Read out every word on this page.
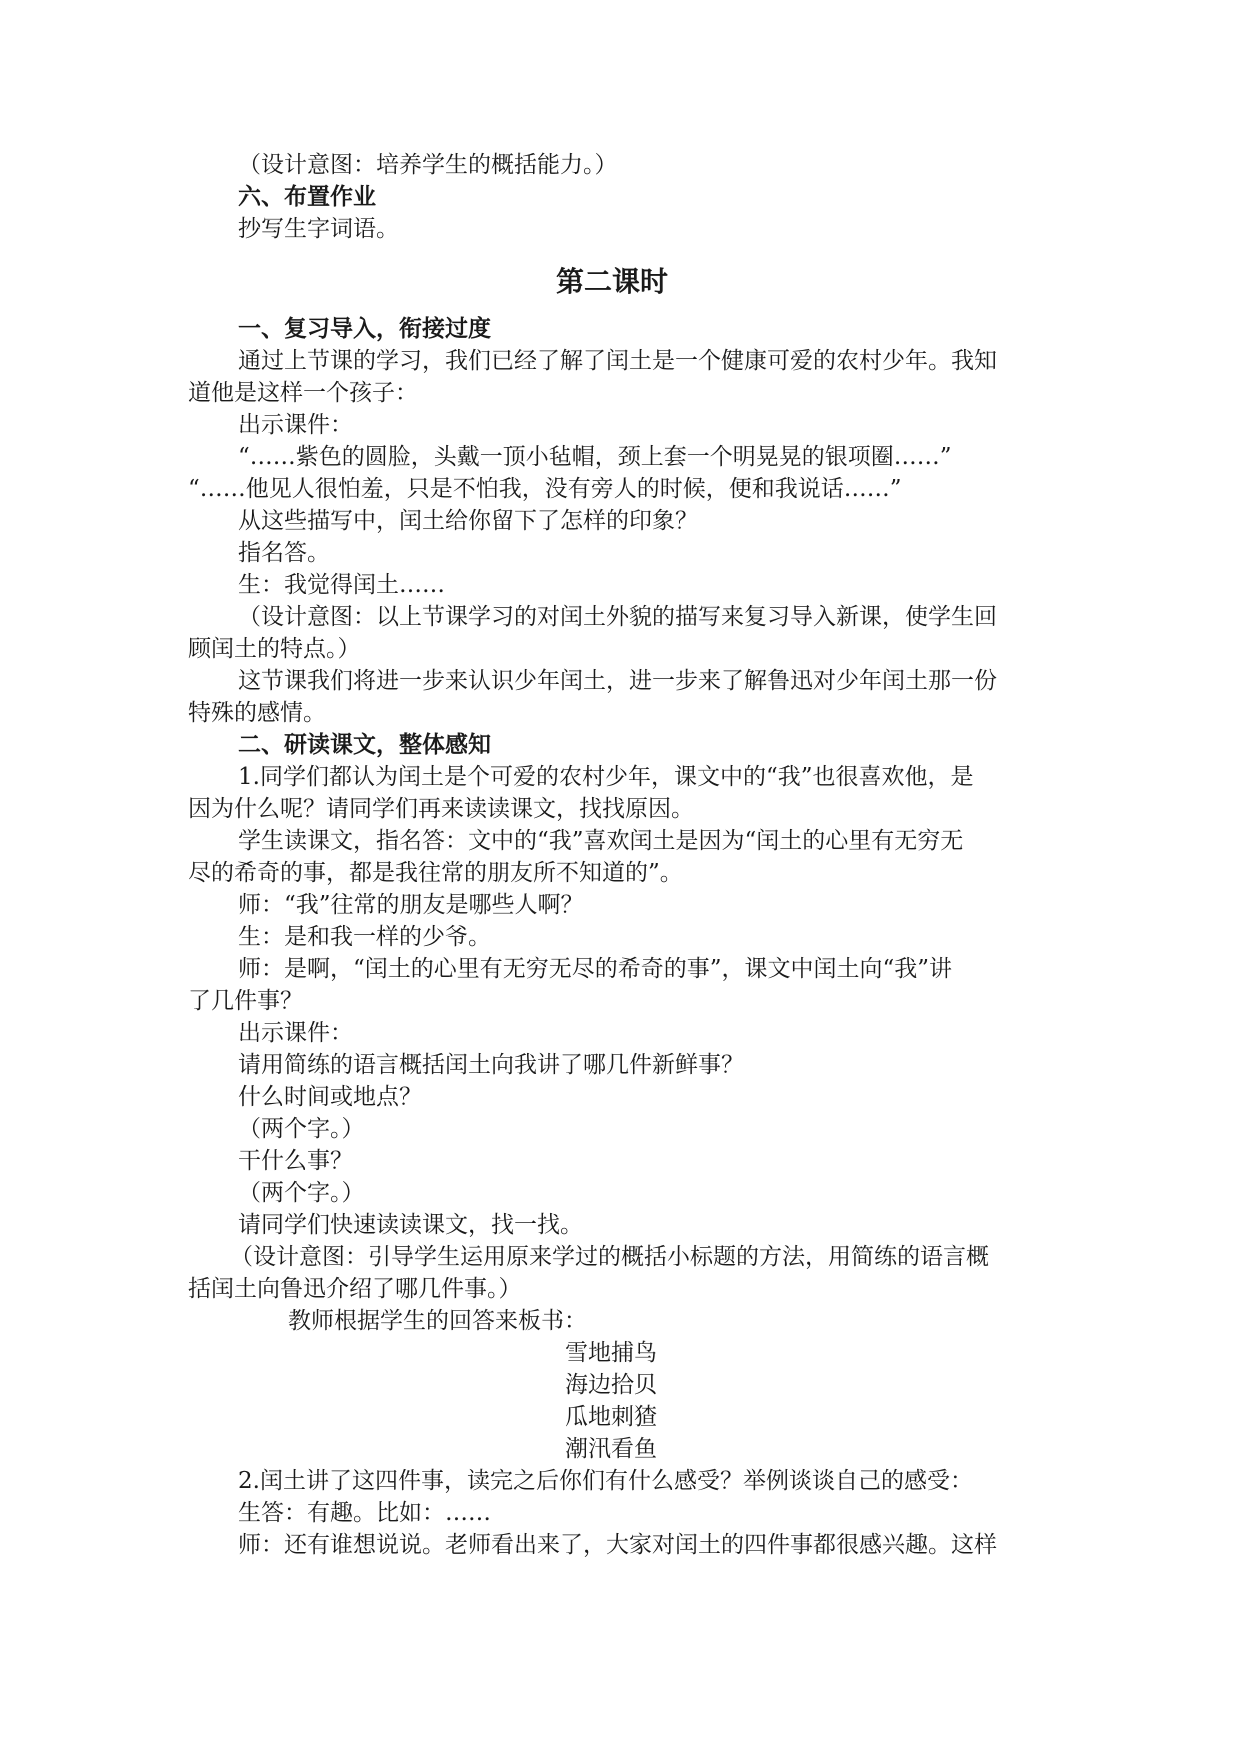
（设计意图：培养学生的概括能力。）
六、布置作业
抄写生字词语。
第二课时
一、复习导入，衔接过度
通过上节课的学习，我们已经了解了闰土是一个健康可爱的农村少年。我知
道他是这样一个孩子：
出示课件：
“……紫色的圆脸，头戴一顶小毡帽，颈上套一个明晃晃的银项圈……”
“……他见人很怕羞，只是不怕我，没有旁人的时候，便和我说话……”
从这些描写中，闰土给你留下了怎样的印象？
指名答。
生：我觉得闰土……
（设计意图：以上节课学习的对闰土外貌的描写来复习导入新课，使学生回
顾闰土的特点。）
这节课我们将进一步来认识少年闰土，进一步来了解鲁迅对少年闰土那一份
特殊的感情。
二、研读课文，整体感知
1.同学们都认为闰土是个可爱的农村少年，课文中的“我”也很喜欢他，是
因为什么呢？请同学们再来读读课文，找找原因。
学生读课文，指名答：文中的“我”喜欢闰土是因为“闰土的心里有无穷无
尽的希奇的事，都是我往常的朋友所不知道的”。
师：“我”往常的朋友是哪些人啊？
生：是和我一样的少爷。
师：是啊，“闰土的心里有无穷无尽的希奇的事”，课文中闰土向“我”讲
了几件事？
出示课件：
请用简练的语言概括闰土向我讲了哪几件新鲜事？
什么时间或地点？
（两个字。）
干什么事？
（两个字。）
请同学们快速读读课文，找一找。
（设计意图：引导学生运用原来学过的概括小标题的方法，用简练的语言概
括闰土向鲁迅介绍了哪几件事。）
教师根据学生的回答来板书：
雪地捕鸟
海边拾贝
瓜地刺猹
潮汛看鱼
2.闰土讲了这四件事，读完之后你们有什么感受？举例谈谈自己的感受：
生答：有趣。比如：……
师：还有谁想说说。老师看出来了，大家对闰土的四件事都很感兴趣。这样
